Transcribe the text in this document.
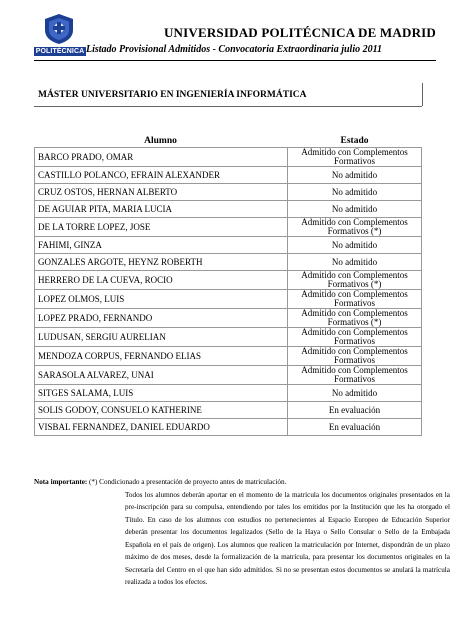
POLITÉCNICA
UNIVERSIDAD POLITÉCNICA DE MADRID
Listado Provisional Admitidos - Convocatoria Extraordinaria julio 2011
MÁSTER UNIVERSITARIO EN INGENIERÍA INFORMÁTICA
Alumno	Estado
BARCO PRADO, OMAR	Admitido con Complementos Formativos
CASTILLO POLANCO, EFRAIN ALEXANDER	No admitido
CRUZ OSTOS, HERNAN ALBERTO	No admitido
DE AGUIAR PITA, MARIA LUCIA	No admitido
DE LA TORRE LOPEZ, JOSE	Admitido con Complementos Formativos (*)
FAHIMI, GINZA	No admitido
GONZALES ARGOTE, HEYNZ ROBERTH	No admitido
HERRERO DE LA CUEVA, ROCIO	Admitido con Complementos Formativos (*)
LOPEZ OLMOS, LUIS	Admitido con Complementos Formativos
LOPEZ PRADO, FERNANDO	Admitido con Complementos Formativos (*)
LUDUSAN, SERGIU AURELIAN	Admitido con Complementos Formativos
MENDOZA CORPUS, FERNANDO ELIAS	Admitido con Complementos Formativos
SARASOLA ALVAREZ, UNAI	Admitido con Complementos Formativos
SITGES SALAMA, LUIS	No admitido
SOLIS GODOY, CONSUELO KATHERINE	En evaluación
VISBAL FERNANDEZ, DANIEL EDUARDO	En evaluación
Nota importante: (*) Condicionado a presentación de proyecto antes de matriculación.
Todos los alumnos deberán aportar en el momento de la matrícula los documentos originales presentados en la pre-inscripción para su compulsa, entendiendo por tales los emitidos por la Institución que les ha otorgado el Título. En caso de los alumnos con estudios no pertenecientes al Espacio Europeo de Educación Superior deberán presentar los documentos legalizados (Sello de la Haya o Sello Consular o Sello de la Embajada Española en el país de origen). Los alumnos que realicen la matriculación por Internet, dispondrán de un plazo máximo de dos meses, desde la formalización de la matrícula, para presentar los documentos originales en la Secretaría del Centro en el que han sido admitidos. Si no se presentan estos documentos se anulará la matrícula realizada a todos los efectos.
